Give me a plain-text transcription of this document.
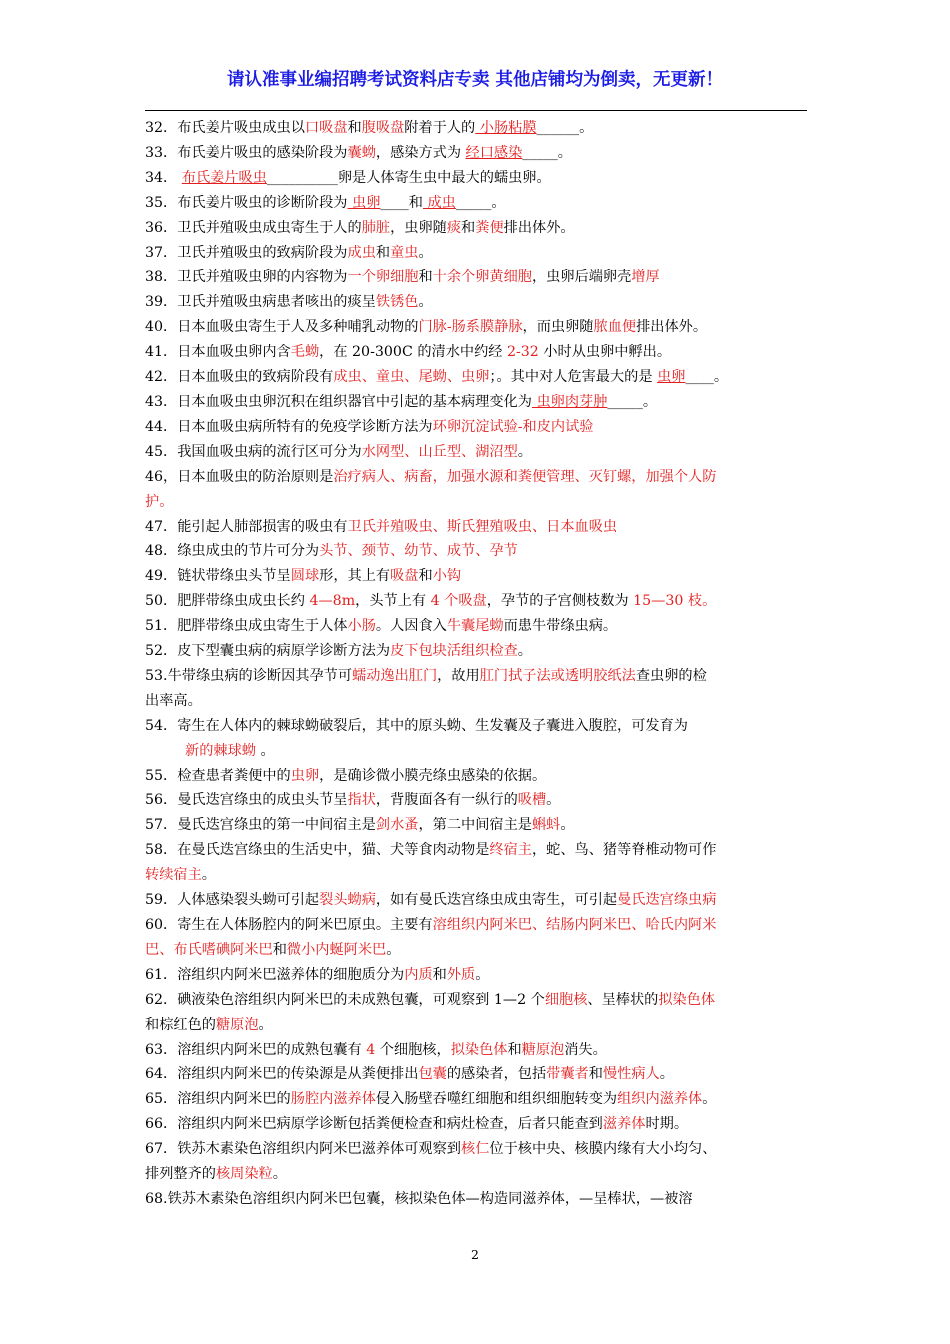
请认准事业编招聘考试资料店专卖 其他店铺均为倒卖，无更新！
32．布氏姜片吸虫成虫以口吸盘和腹吸盘附着于人的 小肠粘膜______。
33．布氏姜片吸虫的感染阶段为囊蚴，感染方式为 经口感染_____。
34． 布氏姜片吸虫__________卵是人体寄生虫中最大的蠕虫卵。
35．布氏姜片吸虫的诊断阶段为 虫卵____和 成虫_____。
36．卫氏并殖吸虫成虫寄生于人的肺脏，虫卵随痰和粪便排出体外。
37．卫氏并殖吸虫的致病阶段为成虫和童虫。
38．卫氏并殖吸虫卵的内容物为一个卵细胞和十余个卵黄细胞，虫卵后端卵壳增厚
39．卫氏并殖吸虫病患者咳出的痰呈铁锈色。
40．日本血吸虫寄生于人及多种哺乳动物的门脉-肠系膜静脉，而虫卵随脓血便排出体外。
41．日本血吸虫卵内含毛蚴，在 20-300C 的清水中约经 2-32 小时从虫卵中孵出。
42．日本血吸虫的致病阶段有成虫、童虫、尾蚴、虫卵；。其中对人危害最大的是 虫卵____。
43．日本血吸虫虫卵沉积在组织器官中引起的基本病理变化为 虫卵肉芽肿_____。
44．日本血吸虫病所特有的免疫学诊断方法为环卵沉淀试验-和皮内试验
45．我国血吸虫病的流行区可分为水网型、山丘型、湖沼型。
46，日本血吸虫的防治原则是治疗病人、病畜，加强水源和粪便管理、灭钉螺，加强个人防
护。
47．能引起人肺部损害的吸虫有卫氏并殖吸虫、斯氏狸殖吸虫、日本血吸虫
48．绦虫成虫的节片可分为头节、颈节、幼节、成节、孕节
49．链状带绦虫头节呈圆球形，其上有吸盘和小钩
50．肥胖带绦虫成虫长约 4—8m，头节上有 4 个吸盘，孕节的子宫侧枝数为 15—30 枝。
51．肥胖带绦虫成虫寄生于人体小肠。人因食入牛囊尾蚴而患牛带绦虫病。
52．皮下型囊虫病的病原学诊断方法为皮下包块活组织检查。
53.牛带绦虫病的诊断因其孕节可蠕动逸出肛门，故用肛门拭子法或透明胶纸法查虫卵的检
出率高。
54．寄生在人体内的棘球蚴破裂后，其中的原头蚴、生发囊及子囊进入腹腔，可发育为
新的棘球蚴 。
55．检查患者粪便中的虫卵，是确诊微小膜壳绦虫感染的依据。
56．曼氏迭宫绦虫的成虫头节呈指状，背腹面各有一纵行的吸槽。
57．曼氏迭宫绦虫的第一中间宿主是剑水蚤，第二中间宿主是蝌蚪。
58．在曼氏迭宫绦虫的生活史中，猫、犬等食肉动物是终宿主，蛇、鸟、猪等脊椎动物可作
转续宿主。
59．人体感染裂头蚴可引起裂头蚴病，如有曼氏迭宫绦虫成虫寄生，可引起曼氏迭宫绦虫病
60．寄生在人体肠腔内的阿米巴原虫。主要有溶组织内阿米巴、结肠内阿米巴、哈氏内阿米
巴、布氏嗜碘阿米巴和微小内蜒阿米巴。
61．溶组织内阿米巴滋养体的细胞质分为内质和外质。
62．碘液染色溶组织内阿米巴的未成熟包囊，可观察到 1—2 个细胞核、呈棒状的拟染色体
和棕红色的糖原泡。
63．溶组织内阿米巴的成熟包囊有 4 个细胞核，拟染色体和糖原泡消失。
64．溶组织内阿米巴的传染源是从粪便排出包囊的感染者，包括带囊者和慢性病人。
65．溶组织内阿米巴的肠腔内滋养体侵入肠壁吞噬红细胞和组织细胞转变为组织内滋养体。
66．溶组织内阿米巴病原学诊断包括粪便检查和病灶检查，后者只能查到滋养体时期。
67．铁苏木素染色溶组织内阿米巴滋养体可观察到核仁位于核中央、核膜内缘有大小均匀、
排列整齐的核周染粒。
68.铁苏木素染色溶组织内阿米巴包囊，核拟染色体—构造同滋养体，—呈棒状，—被溶
2
